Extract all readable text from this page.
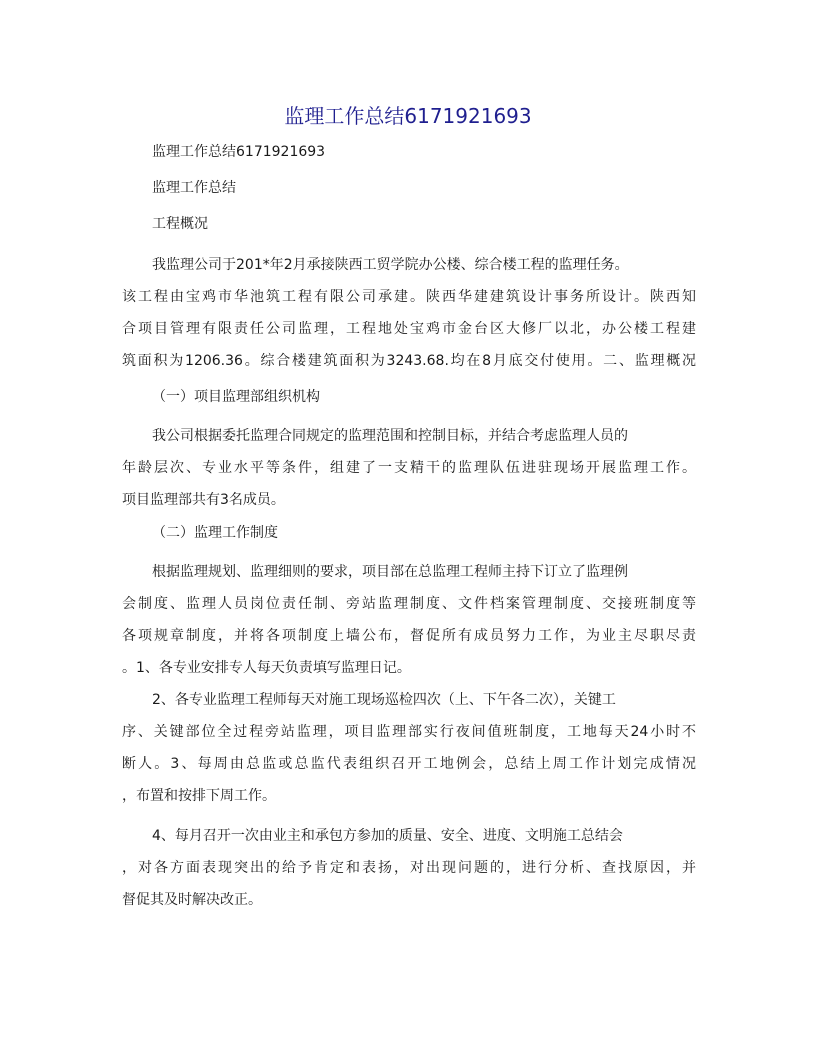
监理工作总结6171921693

监理工作总结6171921693

监理工作总结

工程概况

我监理公司于201*年2月承接陕西工贸学院办公楼、综合楼工程的监理任务。

该工程由宝鸡市华池筑工程有限公司承建。陕西华建建筑设计事务所设计。陕西知

合项目管理有限责任公司监理，工程地处宝鸡市金台区大修厂以北，办公楼工程建

筑面积为1206.36。综合楼建筑面积为3243.68.均在8月底交付使用。二、监理概况

（一）项目监理部组织机构

我公司根据委托监理合同规定的监理范围和控制目标，并结合考虑监理人员的

年龄层次、专业水平等条件，组建了一支精干的监理队伍进驻现场开展监理工作。

项目监理部共有3名成员。

（二）监理工作制度

根据监理规划、监理细则的要求，项目部在总监理工程师主持下订立了监理例

会制度、监理人员岗位责任制、旁站监理制度、文件档案管理制度、交接班制度等

各项规章制度，并将各项制度上墙公布，督促所有成员努力工作，为业主尽职尽责

。1、各专业安排专人每天负责填写监理日记。

2、各专业监理工程师每天对施工现场巡检四次（上、下午各二次），关键工

序、关键部位全过程旁站监理，项目监理部实行夜间值班制度，工地每天24小时不

断人。3、每周由总监或总监代表组织召开工地例会，总结上周工作计划完成情况

，布置和按排下周工作。

4、每月召开一次由业主和承包方参加的质量、安全、进度、文明施工总结会

，对各方面表现突出的给予肯定和表扬，对出现问题的，进行分析、查找原因，并

督促其及时解决改正。
